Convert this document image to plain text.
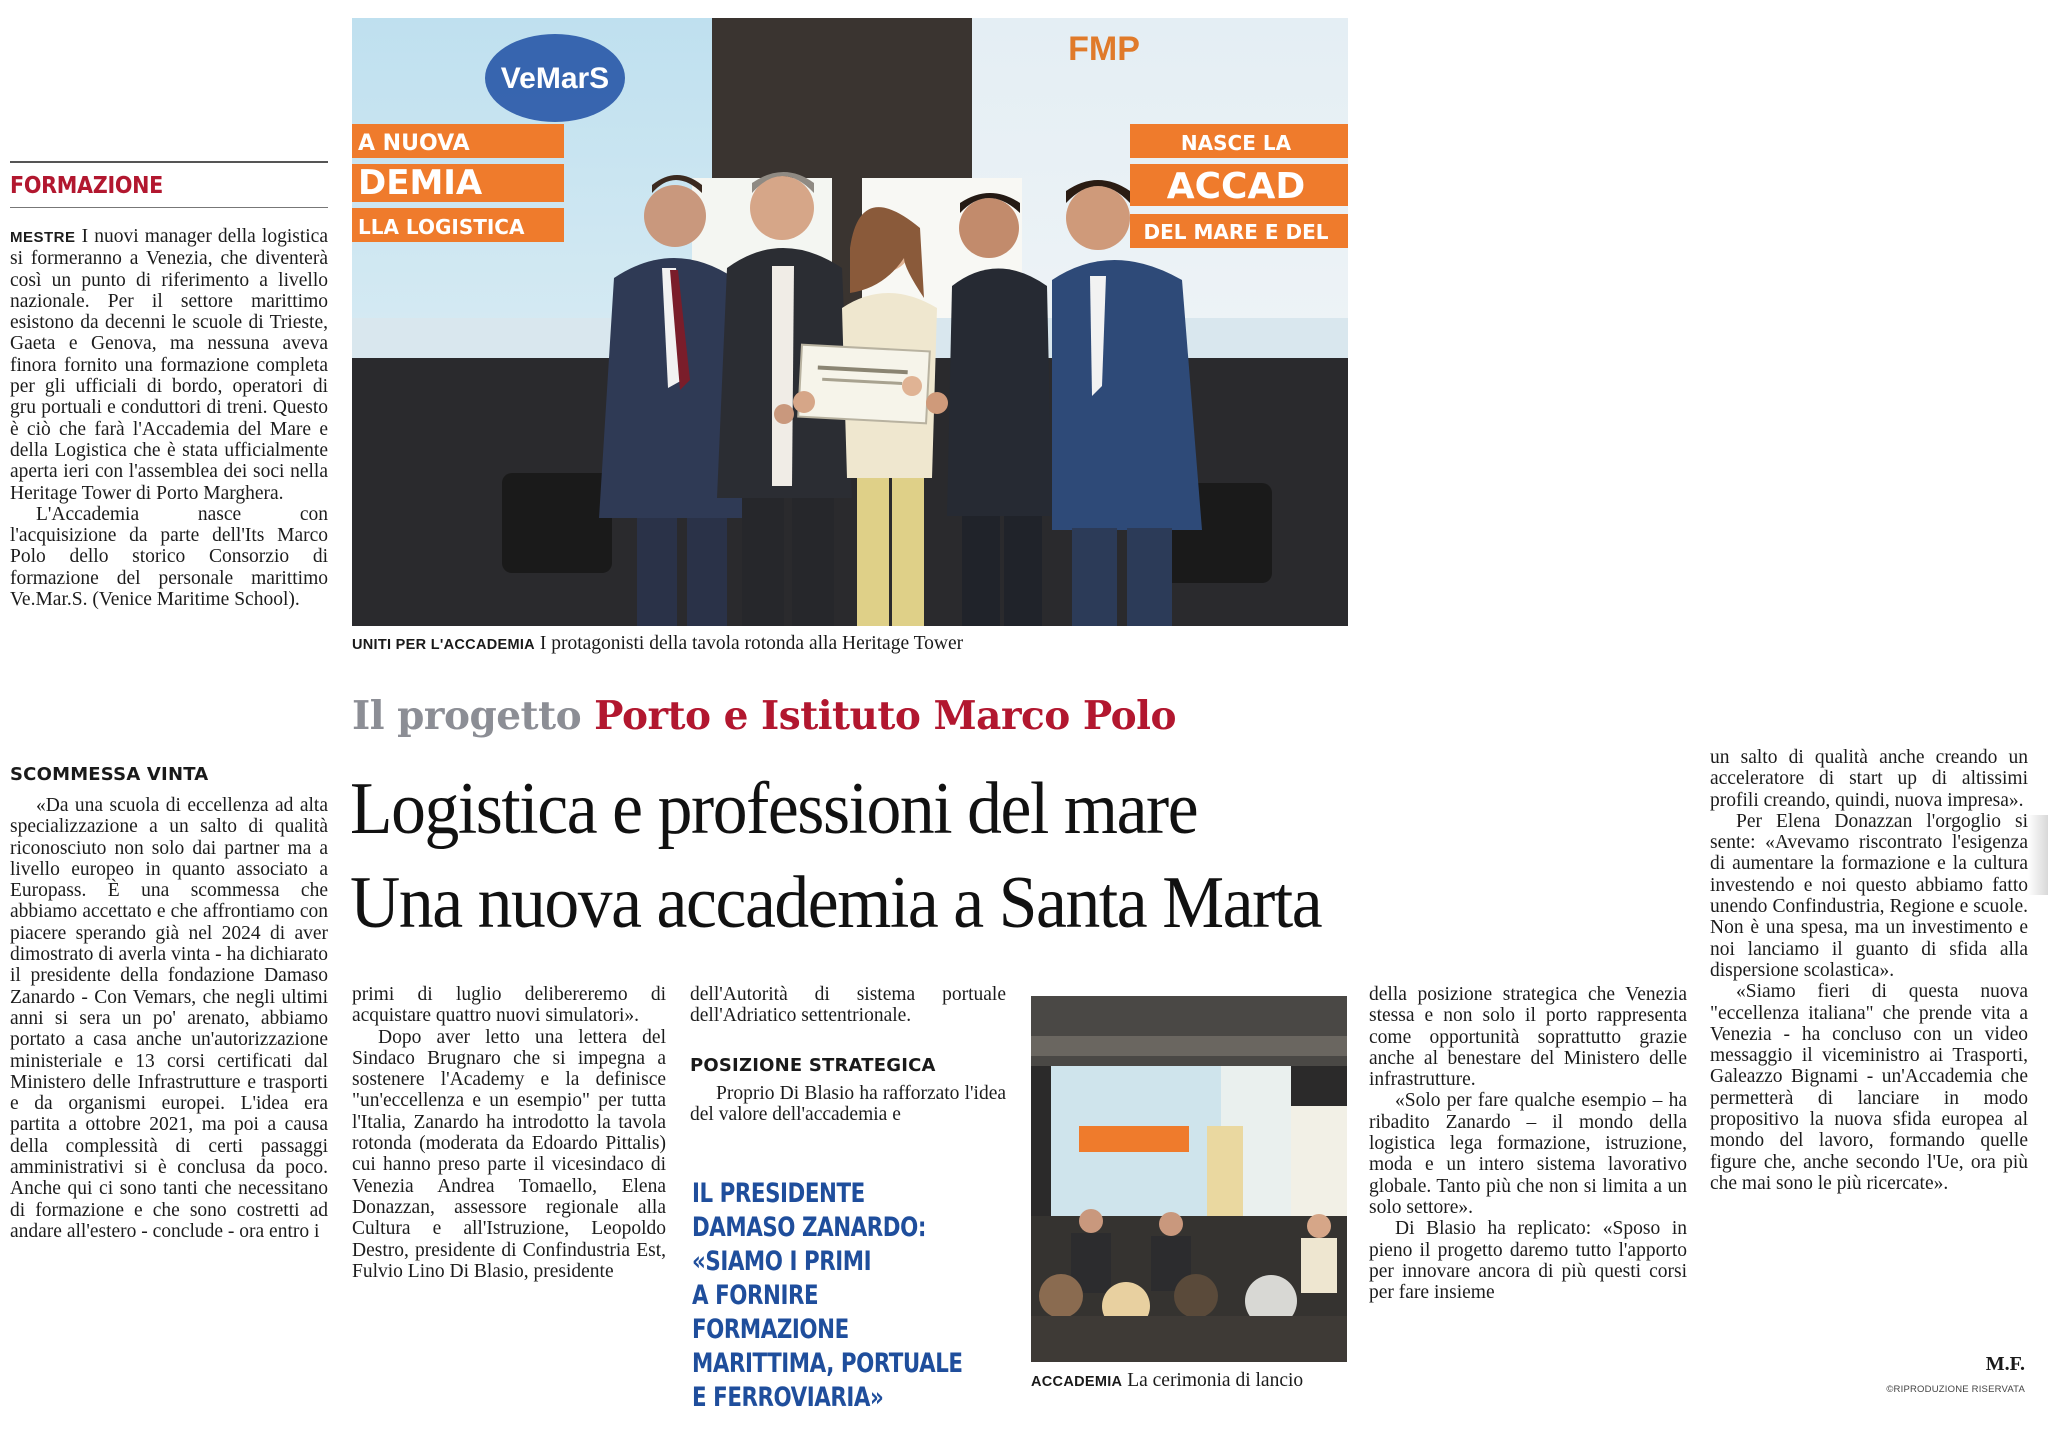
FORMAZIONE

MESTRE I nuovi manager della logistica si formeranno a Venezia, che diventerà così un punto di riferimento a livello nazionale. Per il settore marittimo esistono da decenni le scuole di Trieste, Gaeta e Genova, ma nessuna aveva finora fornito una formazione completa per gli ufficiali di bordo, operatori di gru portuali e conduttori di treni. Questo è ciò che farà l'Accademia del Mare e della Logistica che è stata ufficialmente aperta ieri con l'assemblea dei soci nella Heritage Tower di Porto Marghera.

L'Accademia nasce con l'acquisizione da parte dell'Its Marco Polo dello storico Consorzio di formazione del personale marittimo Ve.Mar.S. (Venice Maritime School).

SCOMMESSA VINTA

«Da una scuola di eccellenza ad alta specializzazione a un salto di qualità riconosciuto non solo dai partner ma a livello europeo in quanto associato a Europass. È una scommessa che abbiamo accettato e che affrontiamo con piacere sperando già nel 2024 di aver dimostrato di averla vinta - ha dichiarato il presidente della fondazione Damaso Zanardo - Con Vemars, che negli ultimi anni si sera un po' arenato, abbiamo portato a casa anche un'autorizzazione ministeriale e 13 corsi certificati dal Ministero delle Infrastrutture e trasporti e da organismi europei. L'idea era partita a ottobre 2021, ma poi a causa della complessità di certi passaggi amministrativi si è conclusa da poco. Anche qui ci sono tanti che necessitano di formazione e che sono costretti ad andare all'estero - conclude - ora entro i

VeMarS
FMP
A NUOVA
DEMIA
LLA LOGISTICA
NASCE LA
ACCAD
DEL MARE E DEL
UNITI PER L'ACCADEMIA I protagonisti della tavola rotonda alla Heritage Tower
Il progetto Porto e Istituto Marco Polo
Logistica e professioni del mare
Una nuova accademia a Santa Marta

primi di luglio delibereremo di acquistare quattro nuovi simulatori».

Dopo aver letto una lettera del Sindaco Brugnaro che si impegna a sostenere l'Academy e la definisce "un'eccellenza e un esempio" per tutta l'Italia, Zanardo ha introdotto la tavola rotonda (moderata da Edoardo Pittalis) cui hanno preso parte il vicesindaco di Venezia Andrea Tomaello, Elena Donazzan, assessore regionale alla Cultura e all'Istruzione, Leopoldo Destro, presidente di Confindustria Est, Fulvio Lino Di Blasio, presidente

dell'Autorità di sistema portuale dell'Adriatico settentrionale.

POSIZIONE STRATEGICA

Proprio Di Blasio ha rafforzato l'idea del valore dell'accademia e

IL PRESIDENTE
DAMASO ZANARDO:
«SIAMO I PRIMI
A FORNIRE FORMAZIONE
MARITTIMA, PORTUALE
E FERROVIARIA»	ACCADEMIA La cerimonia di lancio

della posizione strategica che Venezia stessa e non solo il porto rappresenta come opportunità soprattutto grazie anche al benestare del Ministero delle infrastrutture.

«Solo per fare qualche esempio – ha ribadito Zanardo – il mondo della logistica lega formazione, istruzione, moda e un intero sistema lavorativo globale. Tanto più che non si limita a un solo settore».

Di Blasio ha replicato: «Sposo in pieno il progetto daremo tutto l'apporto per innovare ancora di più questi corsi per fare insieme

un salto di qualità anche creando un acceleratore di start up di altissimi profili creando, quindi, nuova impresa».

Per Elena Donazzan l'orgoglio si sente: «Avevamo riscontrato l'esigenza di aumentare la formazione e la cultura investendo e noi questo abbiamo fatto unendo Confindustria, Regione e scuole. Non è una spesa, ma un investimento e noi lanciamo il guanto di sfida alla dispersione scolastica».

«Siamo fieri di questa nuova "eccellenza italiana" che prende vita a Venezia - ha concluso con un video messaggio il viceministro ai Trasporti, Galeazzo Bignami - un'Accademia che permetterà di lanciare in modo propositivo la nuova sfida europea al mondo del lavoro, formando quelle figure che, anche secondo l'Ue, ora più che mai sono le più ricercate».

M.F.
©RIPRODUZIONE RISERVATA
